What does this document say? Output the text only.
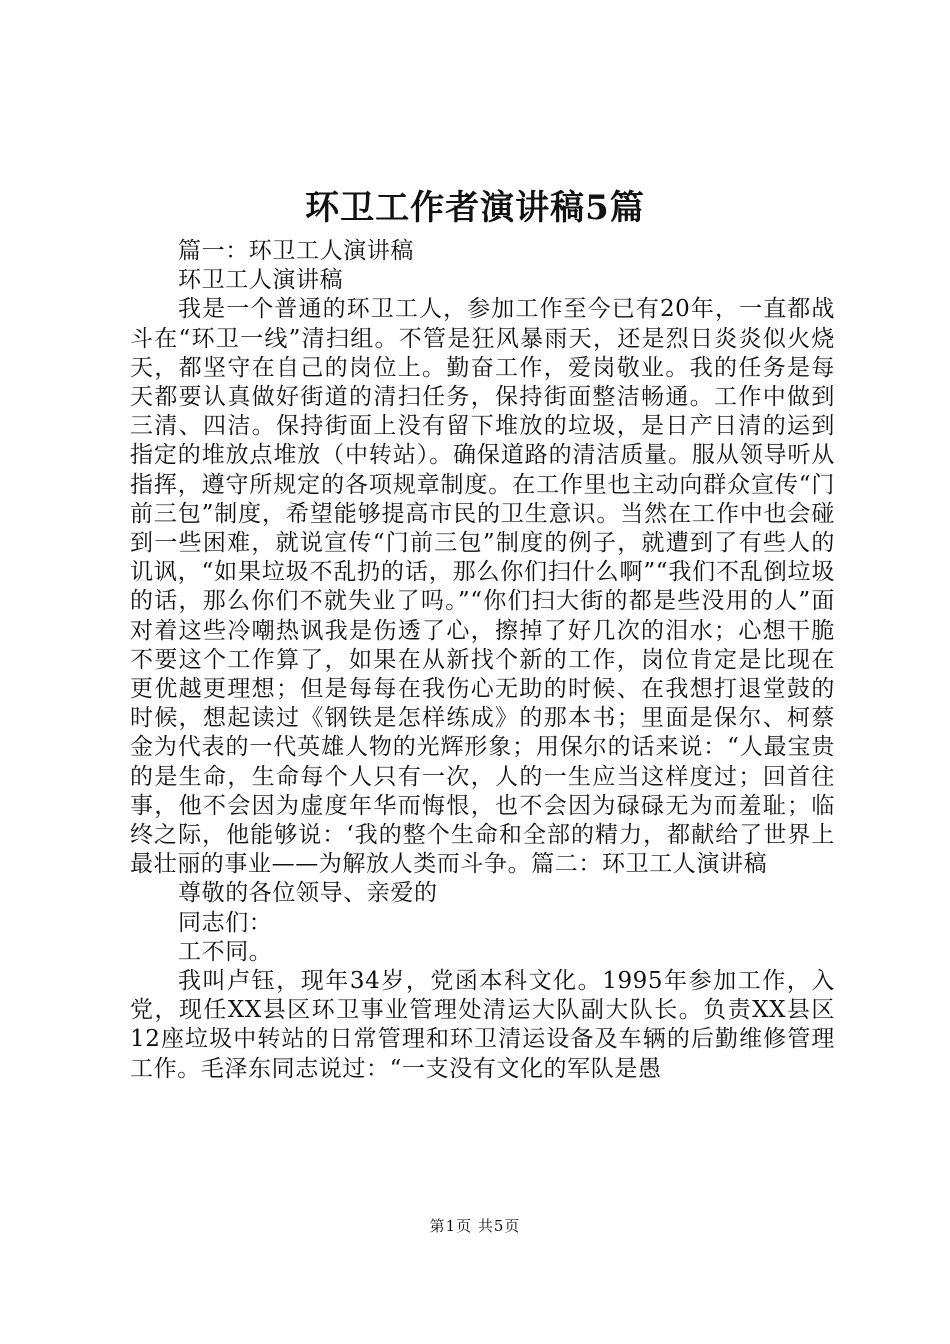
环卫工作者演讲稿5篇

篇一：环卫工人演讲稿

环卫工人演讲稿

我是一个普通的环卫工人，参加工作至今已有20年，一直都战斗在“环卫一线”清扫组。不管是狂风暴雨天，还是烈日炎炎似火烧天，都坚守在自己的岗位上。勤奋工作，爱岗敬业。我的任务是每天都要认真做好街道的清扫任务，保持街面整洁畅通。工作中做到三清、四洁。保持街面上没有留下堆放的垃圾，是日产日清的运到指定的堆放点堆放（中转站）。确保道路的清洁质量。服从领导听从指挥，遵守所规定的各项规章制度。在工作里也主动向群众宣传“门前三包”制度，希望能够提高市民的卫生意识。当然在工作中也会碰到一些困难，就说宣传“门前三包”制度的例子，就遭到了有些人的讥讽，“如果垃圾不乱扔的话，那么你们扫什么啊”“我们不乱倒垃圾的话，那么你们不就失业了吗。”“你们扫大街的都是些没用的人”面对着这些冷嘲热讽我是伤透了心，擦掉了好几次的泪水；心想干脆不要这个工作算了，如果在从新找个新的工作，岗位肯定是比现在更优越更理想；但是每每在我伤心无助的时候、在我想打退堂鼓的时候，想起读过《钢铁是怎样练成》的那本书；里面是保尔、柯蔡金为代表的一代英雄人物的光辉形象；用保尔的话来说：“人最宝贵的是生命，生命每个人只有一次，人的一生应当这样度过；回首往事，他不会因为虚度年华而悔恨，也不会因为碌碌无为而羞耻；临终之际，他能够说：‘我的整个生命和全部的精力，都献给了世界上最壮丽的事业——为解放人类而斗争。篇二：环卫工人演讲稿

尊敬的各位领导、亲爱的

同志们：

工不同。

我叫卢钰，现年34岁，党函本科文化。1995年参加工作，入党，现任XX县区环卫事业管理处清运大队副大队长。负责XX县区12座垃圾中转站的日常管理和环卫清运设备及车辆的后勤维修管理工作。毛泽东同志说过：“一支没有文化的军队是愚

第1页 共5页
